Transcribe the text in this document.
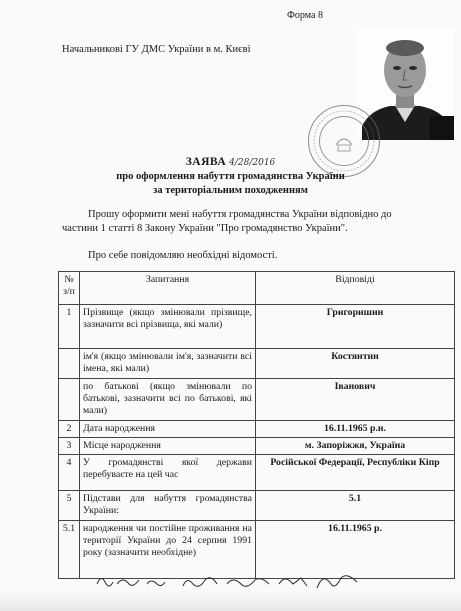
Форма 8
Начальникові ГУ ДМС України в м. Києві
ЗАЯВА 4/28/2016
про оформлення набуття громадянства України
за територіальним походженням
Прошу оформити мені набуття громадянства України відповідно до
частини 1 статті 8 Закону України "Про громадянство України".
Про себе повідомляю необхідні відомості.
№ з/п	Запитання	Відповіді
1	Прізвище (якщо змінювали прізвище, зазначити всі прізвища, які мали)	Григоришин
	ім'я (якщо змінювали ім'я, зазначити всі імена, які мали)	Костянтин
	по батькові (якщо змінювали по батькові, зазначити всі по батькові, які мали)	Іванович
2	Дата народження	16.11.1965 р.н.
3	Місце народження	м. Запоріжжя, Україна
4	У громадянстві якої держави перебуваєте на цей час	Російської Федерації, Республіки Кіпр
5	Підстави для набуття громадянства України:	5.1
5.1	народження чи постійне проживання на території України до 24 серпня 1991 року (зазначити необхідне)	16.11.1965 р.
